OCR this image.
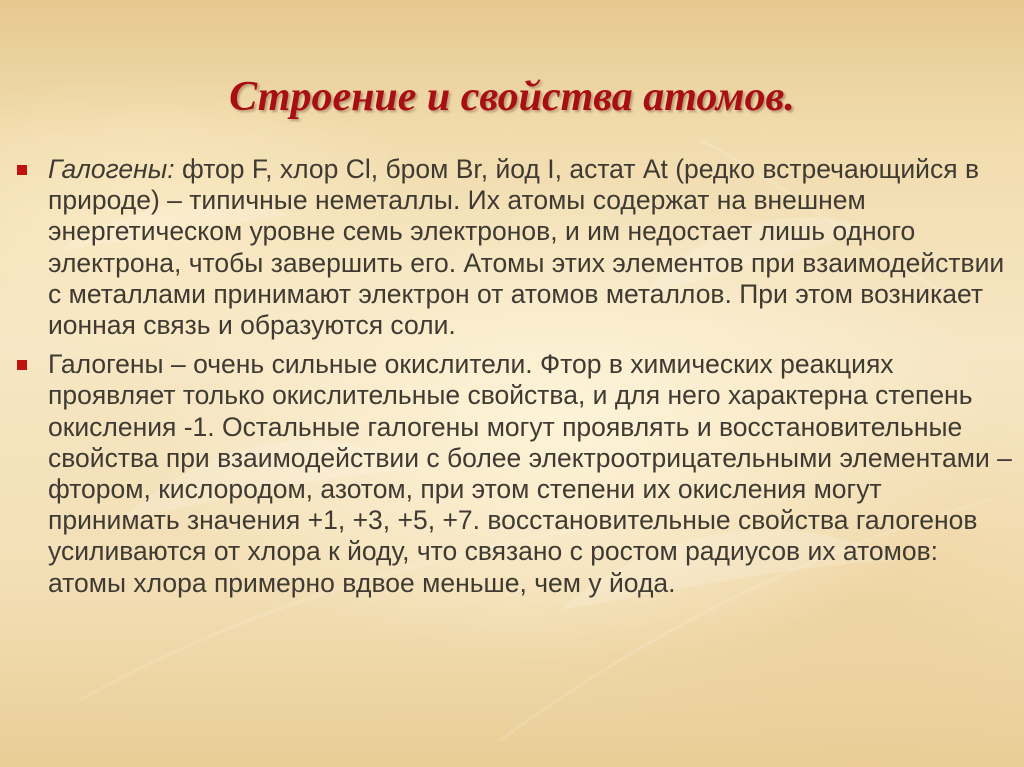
Строение и свойства атомов.
Галогены: фтор F, хлор Cl, бром Br, йод I, астат At (редко встречающийся в природе) – типичные неметаллы. Их атомы содержат на внешнем энергетическом уровне семь электронов, и им недостает лишь одного электрона, чтобы завершить его. Атомы этих элементов при взаимодействии с металлами принимают электрон от атомов металлов. При этом возникает ионная связь и образуются соли.
Галогены – очень сильные окислители. Фтор в химических реакциях проявляет только окислительные свойства, и для него характерна степень окисления -1. Остальные галогены могут проявлять и восстановительные свойства при взаимодействии с более электроотрицательными элементами – фтором, кислородом, азотом, при этом степени их окисления могут принимать значения +1, +3, +5, +7. восстановительные свойства галогенов усиливаются от хлора к йоду, что связано с ростом радиусов их атомов: атомы хлора примерно вдвое меньше, чем у йода.
